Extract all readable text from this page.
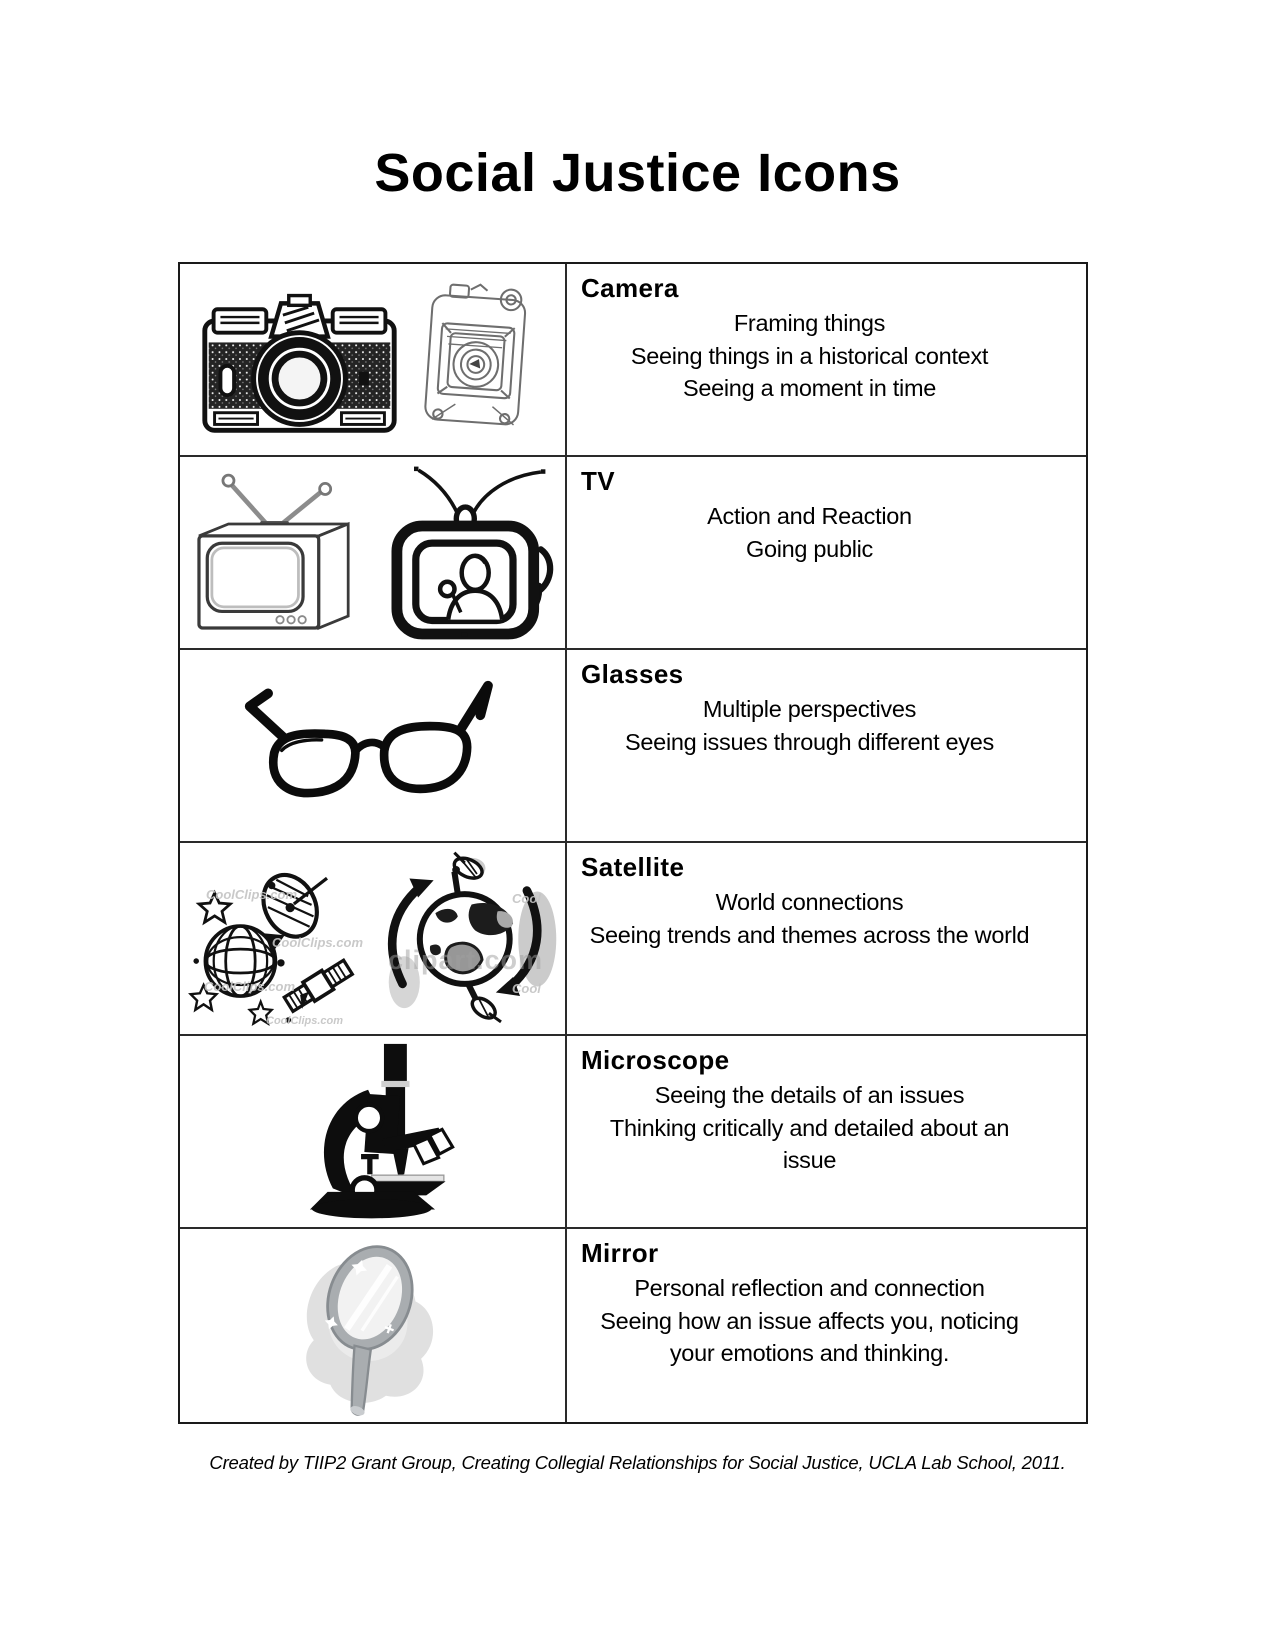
Social Justice Icons
Camera
Framing things
Seeing things in a historical context
Seeing a moment in time
TV
Action and Reaction
Going public
Glasses
Multiple perspectives
Seeing issues through different eyes
CoolClips.com
CoolClips.com
CoolClips.com
CoolClips.com
Cool
Cool
clipart.com
Satellite
World connections
Seeing trends and themes across the world
Microscope
Seeing the details of an issues
Thinking critically and detailed about an issue
Mirror
Personal reflection and connection
Seeing how an issue affects you, noticing your emotions and thinking.
Created by TIIP2 Grant Group, Creating Collegial Relationships for Social Justice, UCLA Lab School, 2011.
